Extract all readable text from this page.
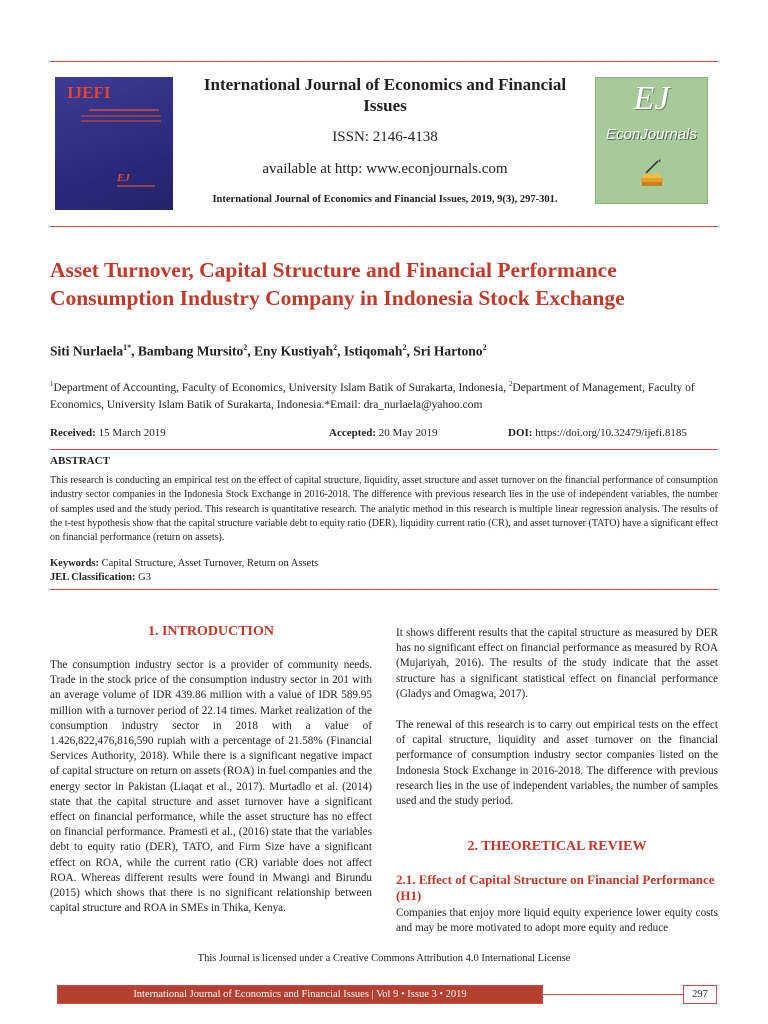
IJEFI
EJ
International Journal of Economics and Financial Issues
ISSN: 2146-4138
available at http: www.econjournals.com
International Journal of Economics and Financial Issues, 2019, 9(3), 297-301.
EJ
EconJournals
Asset Turnover, Capital Structure and Financial Performance Consumption Industry Company in Indonesia Stock Exchange
Siti Nurlaela$^{1*}$, Bambang Mursito$^2$, Eny Kustiyah$^2$, Istiqomah$^2$, Sri Hartono$^2$
$^1$Department of Accounting, Faculty of Economics, University Islam Batik of Surakarta, Indonesia, $^2$Department of Management, Faculty of Economics, University Islam Batik of Surakarta, Indonesia.*Email: dra_nurlaela@yahoo.com
Received: 15 March 2019	Accepted: 20 May 2019	DOI: https://doi.org/10.32479/ijefi.8185
ABSTRACT
This research is conducting an empirical test on the effect of capital structure, liquidity, asset structure and asset turnover on the financial performance of consumption industry sector companies in the Indonesia Stock Exchange in 2016-2018. The difference with previous research lies in the use of independent variables, the number of samples used and the study period. This research is quantitative research. The analytic method in this research is multiple linear regression analysis. The results of the t-test hypothesis show that the capital structure variable debt to equity ratio (DER), liquidity current ratio (CR), and asset turnover (TATO) have a significant effect on financial performance (return on assets).
Keywords: Capital Structure, Asset Turnover, Return on Assets
JEL Classification: G3
1. INTRODUCTION

The consumption industry sector is a provider of community needs. Trade in the stock price of the consumption industry sector in 201 with an average volume of IDR 439.86 million with a value of IDR 589.95 million with a turnover period of 22.14 times. Market realization of the consumption industry sector in 2018 with a value of 1.426,822,476,816,590 rupiah with a percentage of 21.58% (Financial Services Authority, 2018). While there is a significant negative impact of capital structure on return on assets (ROA) in fuel companies and the energy sector in Pakistan (Liaqat et al., 2017). Murtadlo et al. (2014) state that the capital structure and asset turnover have a significant effect on financial performance, while the asset structure has no effect on financial performance. Pramesti et al., (2016) state that the variables debt to equity ratio (DER), TATO, and Firm Size have a significant effect on ROA, while the current ratio (CR) variable does not affect ROA. Whereas different results were found in Mwangi and Birundu (2015) which shows that there is no significant relationship between capital structure and ROA in SMEs in Thika, Kenya.

It shows different results that the capital structure as measured by DER has no significant effect on financial performance as measured by ROA (Mujariyah, 2016). The results of the study indicate that the asset structure has a significant statistical effect on financial performance (Gladys and Omagwa, 2017).

The renewal of this research is to carry out empirical tests on the effect of capital structure, liquidity and asset turnover on the financial performance of consumption industry sector companies listed on the Indonesia Stock Exchange in 2016-2018. The difference with previous research lies in the use of independent variables, the number of samples used and the study period.

2. THEORETICAL REVIEW
2.1. Effect of Capital Structure on Financial Performance (H1)

Companies that enjoy more liquid equity experience lower equity costs and may be more motivated to adopt more equity and reduce

This Journal is licensed under a Creative Commons Attribution 4.0 International License
International Journal of Economics and Financial Issues | Vol 9 • Issue 3 • 2019	297
